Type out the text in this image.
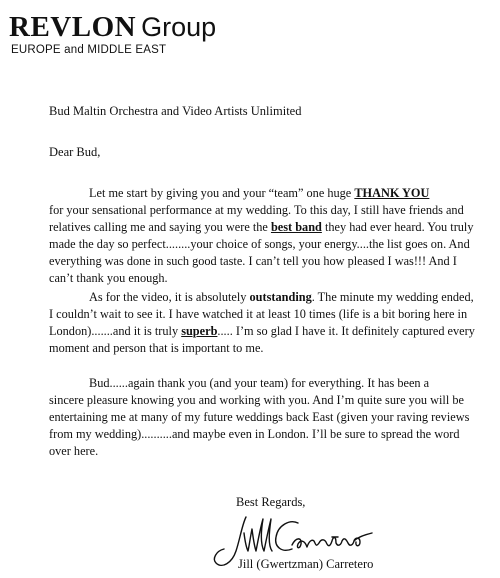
REVLON Group
EUROPE and MIDDLE EAST
Bud Maltin Orchestra and Video Artists Unlimited
Dear Bud,
Let me start by giving you and your “team” one huge THANK YOU
for your sensational performance at my wedding. To this day, I still have friends and
relatives calling me and saying you were the best band they had ever heard. You truly
made the day so perfect........your choice of songs, your energy....the list goes on. And
everything was done in such good taste. I can’t tell you how pleased I was!!! And I
can’t thank you enough.
As for the video, it is absolutely outstanding. The minute my wedding ended,
I couldn’t wait to see it. I have watched it at least 10 times (life is a bit boring here in
London).......and it is truly superb..... I’m so glad I have it. It definitely captured every
moment and person that is important to me.
Bud......again thank you (and your team) for everything. It has been a
sincere pleasure knowing you and working with you. And I’m quite sure you will be
entertaining me at many of my future weddings back East (given your raving reviews
from my wedding)..........and maybe even in London. I’ll be sure to spread the word
over here.
Best Regards,
Jill (Gwertzman) Carretero
